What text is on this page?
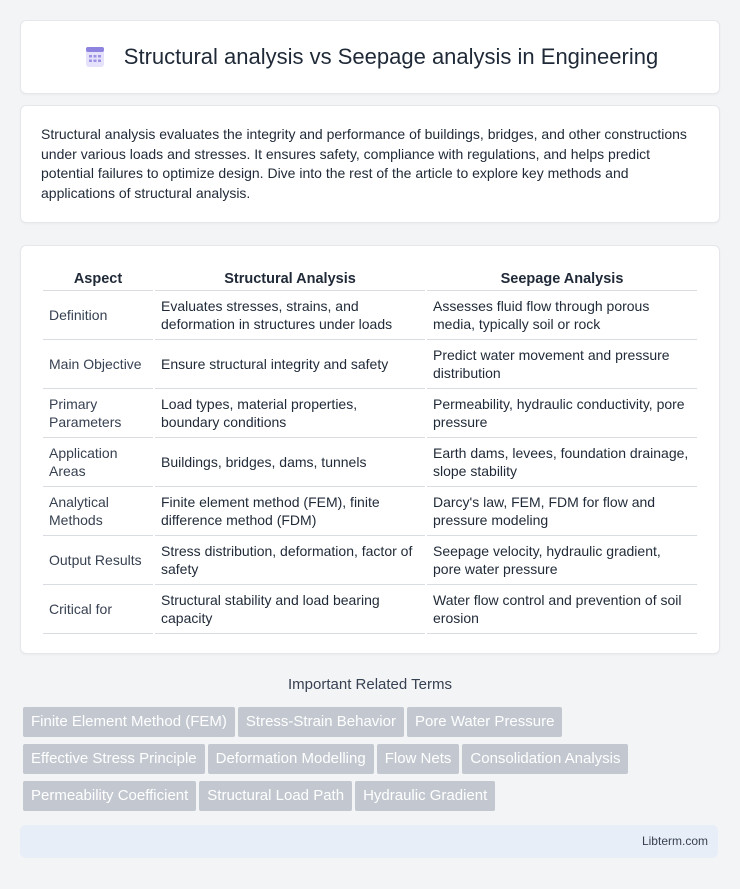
Structural analysis vs Seepage analysis in Engineering

Structural analysis evaluates the integrity and performance of buildings, bridges, and other constructions under various loads and stresses. It ensures safety, compliance with regulations, and helps predict potential failures to optimize design. Dive into the rest of the article to explore key methods and applications of structural analysis.

Aspect	Structural Analysis	Seepage Analysis
Definition	Evaluates stresses, strains, and deformation in structures under loads	Assesses fluid flow through porous media, typically soil or rock
Main Objective	Ensure structural integrity and safety	Predict water movement and pressure distribution
Primary Parameters	Load types, material properties, boundary conditions	Permeability, hydraulic conductivity, pore pressure
Application Areas	Buildings, bridges, dams, tunnels	Earth dams, levees, foundation drainage, slope stability
Analytical Methods	Finite element method (FEM), finite difference method (FDM)	Darcy's law, FEM, FDM for flow and pressure modeling
Output Results	Stress distribution, deformation, factor of safety	Seepage velocity, hydraulic gradient, pore water pressure
Critical for	Structural stability and load bearing capacity	Water flow control and prevention of soil erosion
Important Related Terms
Finite Element Method (FEM) Stress-Strain Behavior Pore Water Pressure
Effective Stress Principle Deformation Modelling Flow Nets Consolidation Analysis
Permeability Coefficient Structural Load Path Hydraulic Gradient
Libterm.com
